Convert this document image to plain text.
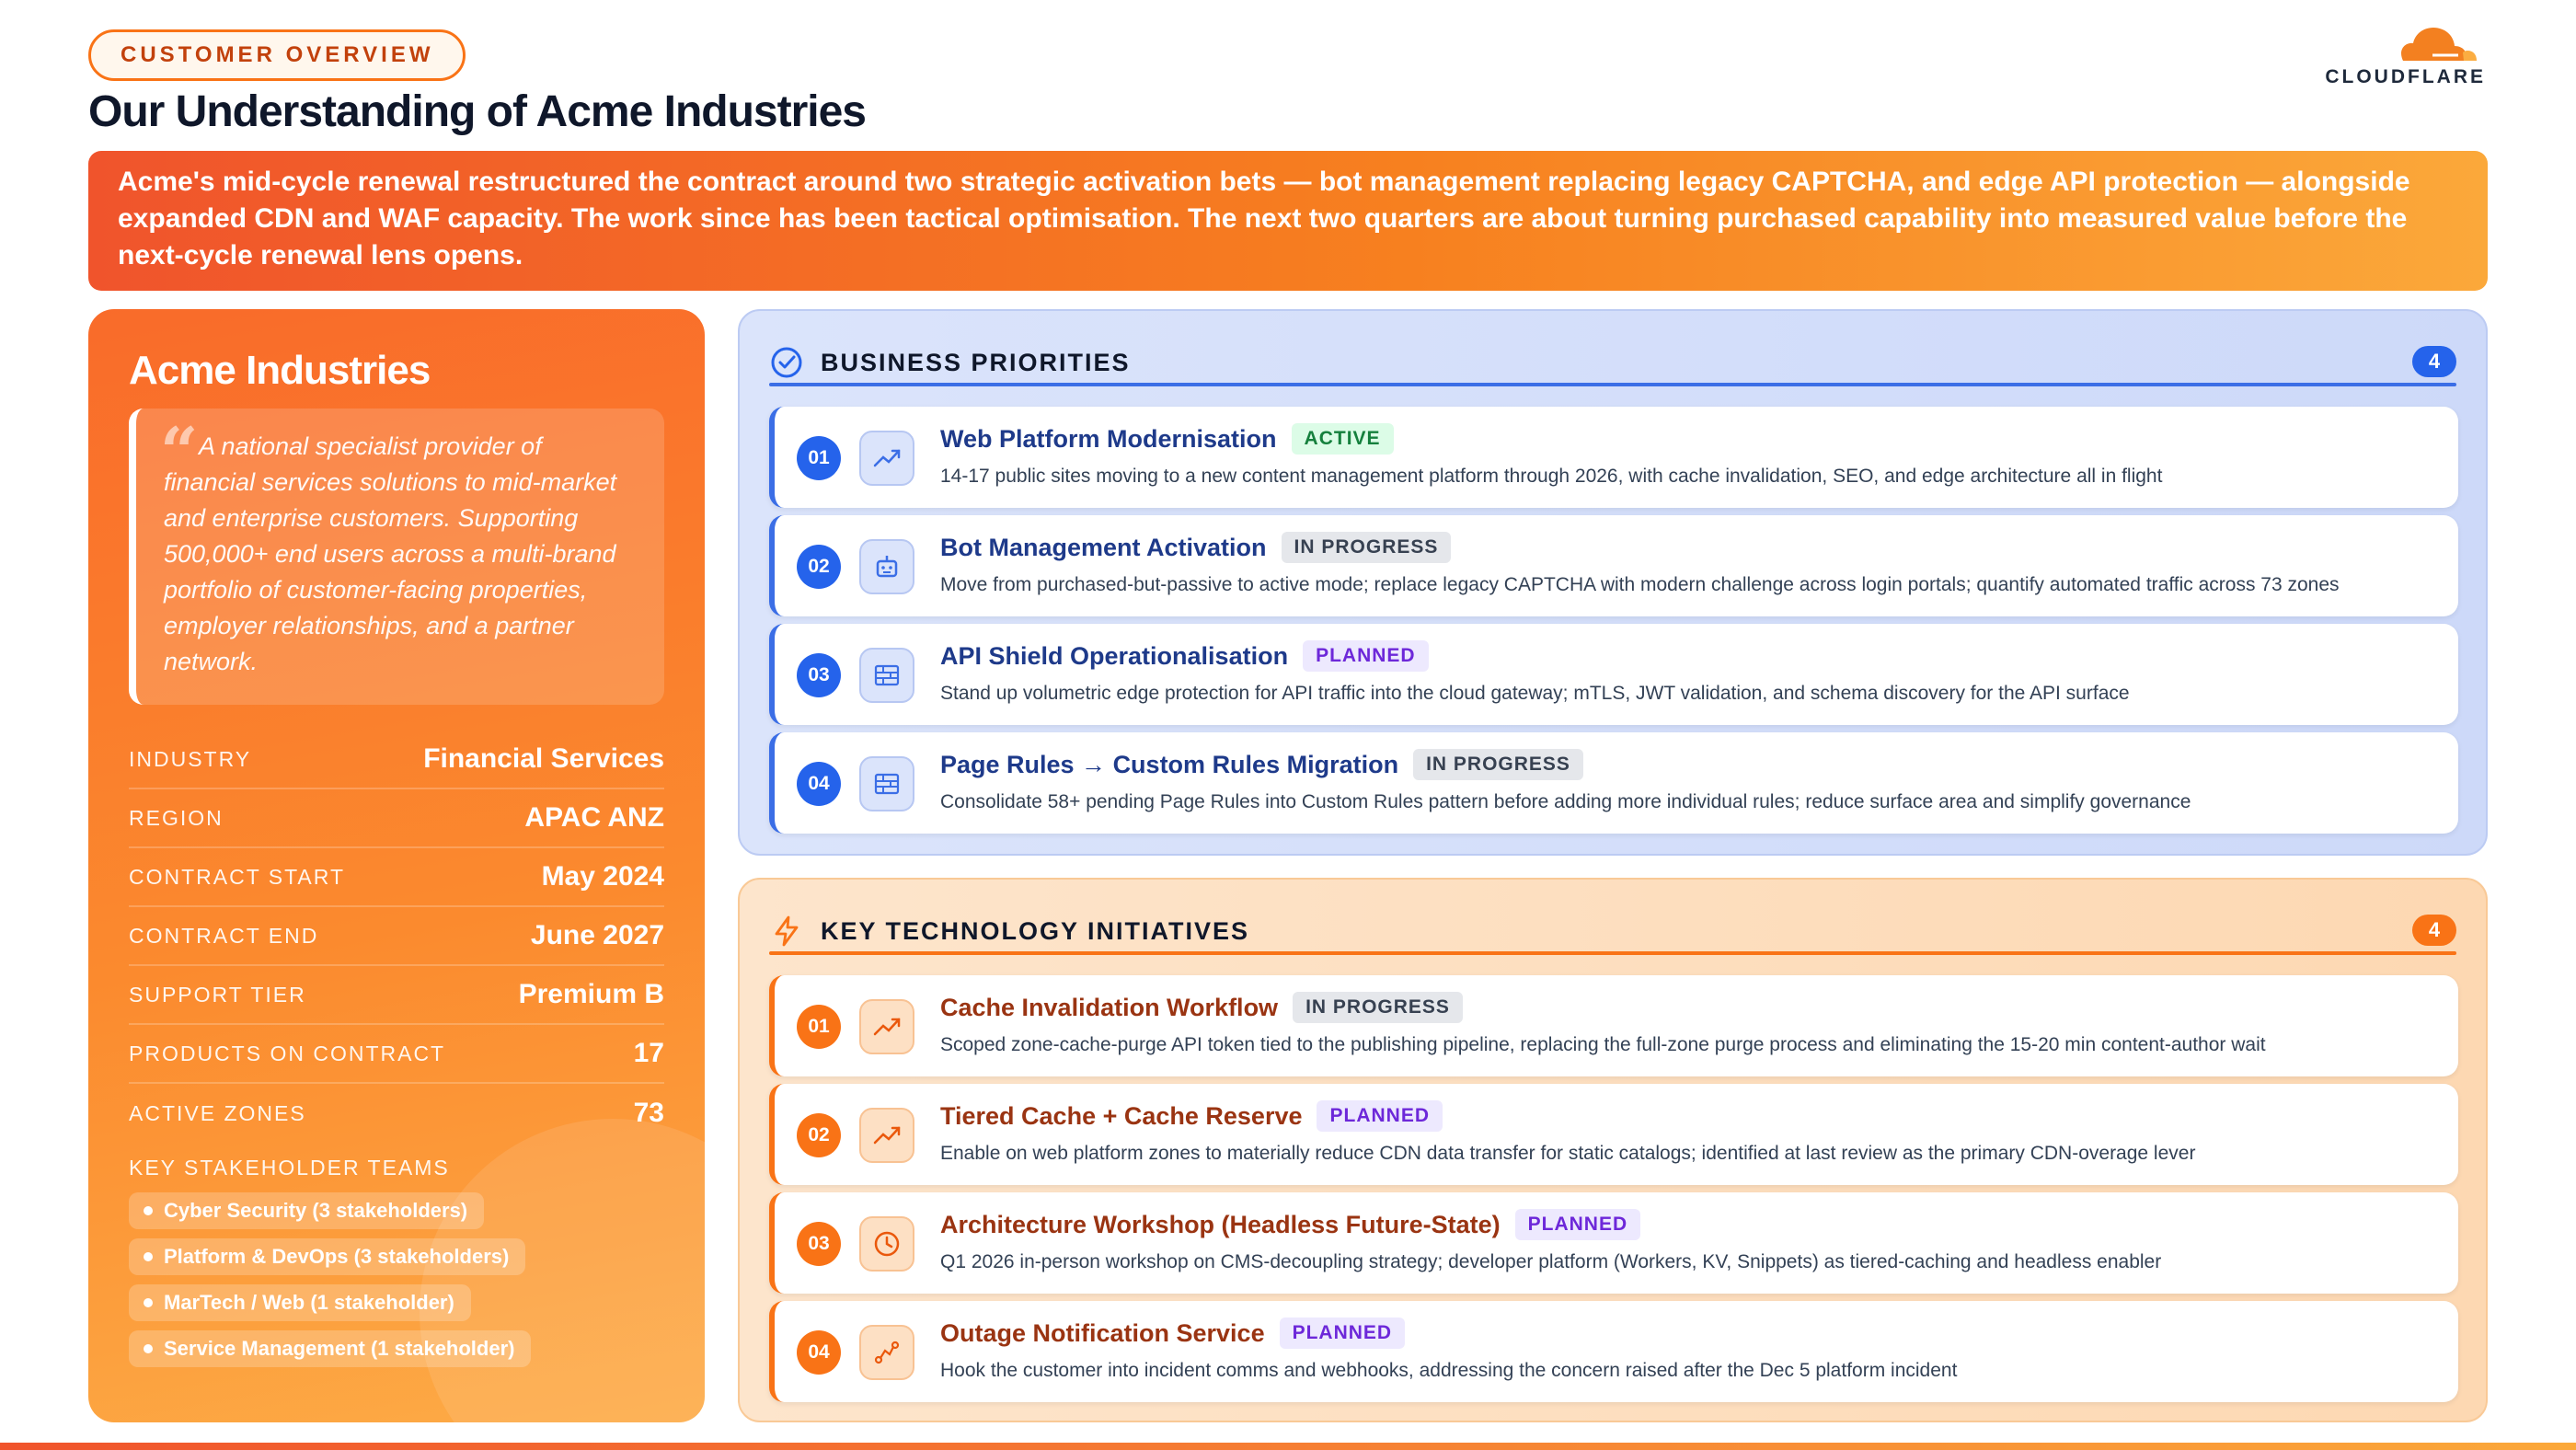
CUSTOMER OVERVIEW
Our Understanding of Acme Industries
CLOUDFLARE
Acme's mid-cycle renewal restructured the contract around two strategic activation bets — bot management replacing legacy CAPTCHA, and edge API protection — alongside expanded CDN and WAF capacity. The work since has been tactical optimisation. The next two quarters are about turning purchased capability into measured value before the next-cycle renewal lens opens.
Acme Industries
“ A national specialist provider of financial services solutions to mid-market and enterprise customers. Supporting 500,000+ end users across a multi-brand portfolio of customer-facing properties, employer relationships, and a partner network.
INDUSTRY	Financial Services
REGION	APAC ANZ
CONTRACT START	May 2024
CONTRACT END	June 2027
SUPPORT TIER	Premium B
PRODUCTS ON CONTRACT	17
ACTIVE ZONES	73
KEY STAKEHOLDER TEAMS
Cyber Security (3 stakeholders)
Platform & DevOps (3 stakeholders)
MarTech / Web (1 stakeholder)
Service Management (1 stakeholder)
BUSINESS PRIORITIES	4
01
Web Platform Modernisation	ACTIVE
14-17 public sites moving to a new content management platform through 2026, with cache invalidation, SEO, and edge architecture all in flight
02
Bot Management Activation	IN PROGRESS
Move from purchased-but-passive to active mode; replace legacy CAPTCHA with modern challenge across login portals; quantify automated traffic across 73 zones
03
API Shield Operationalisation	PLANNED
Stand up volumetric edge protection for API traffic into the cloud gateway; mTLS, JWT validation, and schema discovery for the API surface
04
Page Rules → Custom Rules Migration	IN PROGRESS
Consolidate 58+ pending Page Rules into Custom Rules pattern before adding more individual rules; reduce surface area and simplify governance
KEY TECHNOLOGY INITIATIVES	4
01
Cache Invalidation Workflow	IN PROGRESS
Scoped zone-cache-purge API token tied to the publishing pipeline, replacing the full-zone purge process and eliminating the 15-20 min content-author wait
02
Tiered Cache + Cache Reserve	PLANNED
Enable on web platform zones to materially reduce CDN data transfer for static catalogs; identified at last review as the primary CDN-overage lever
03
Architecture Workshop (Headless Future-State)	PLANNED
Q1 2026 in-person workshop on CMS-decoupling strategy; developer platform (Workers, KV, Snippets) as tiered-caching and headless enabler
04
Outage Notification Service	PLANNED
Hook the customer into incident comms and webhooks, addressing the concern raised after the Dec 5 platform incident
